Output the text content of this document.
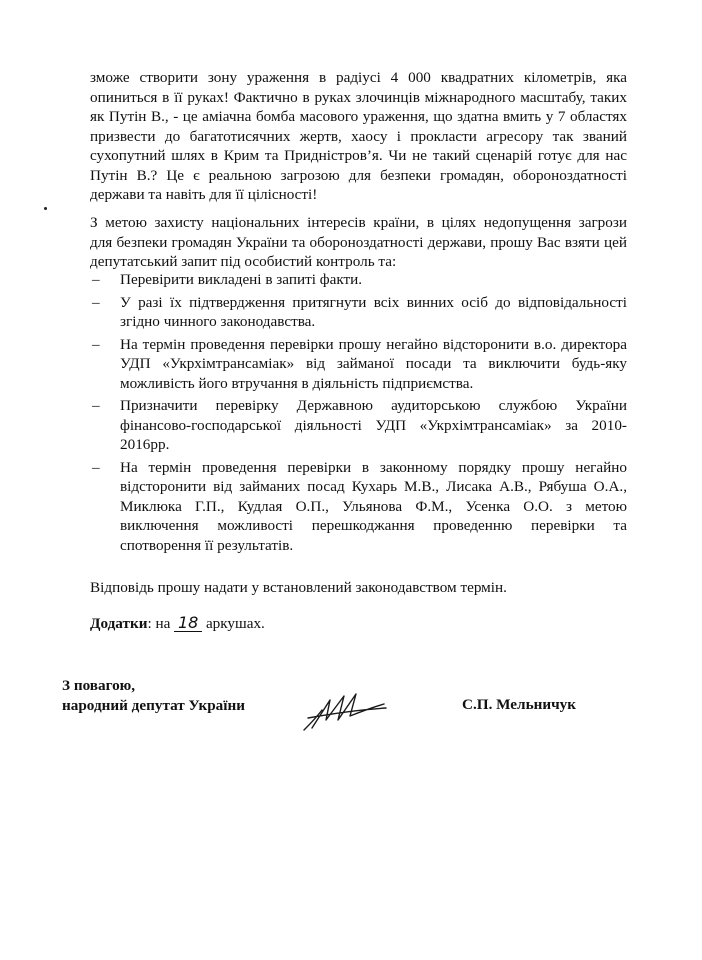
зможе створити зону ураження в радіусі 4 000 квадратних кілометрів, яка
опиниться в її руках! Фактично в руках злочинців міжнародного масштабу, таких
як Путін В., - це аміачна бомба масового ураження, що здатна вмить у 7 областях
призвести до багатотисячних жертв, хаосу і прокласти агресору так званий
сухопутний шлях в Крим та Придністров’я. Чи не такий сценарій готує для нас
Путін В.? Це є реальною загрозою для безпеки громадян, обороноздатності
держави та навіть для її цілісності!
З метою захисту національних інтересів країни, в цілях недопущення загрози
для безпеки громадян України та обороноздатності держави, прошу Вас взяти цей
депутатський запит під особистий контроль та:
– Перевірити викладені в запиті факти.
– У разі їх підтвердження притягнути всіх винних осіб до відповідальності
згідно чинного законодавства.
– На термін проведення перевірки прошу негайно відсторонити в.о. директора
УДП «Укрхімтрансаміак» від займаної посади та виключити будь-яку
можливість його втручання в діяльність підприємства.
– Призначити перевірку Державною аудиторською службою України
фінансово-господарської діяльності УДП «Укрхімтрансаміак» за 2010-
2016рр.
– На термін проведення перевірки в законному порядку прошу негайно
відсторонити від займаних посад Кухарь М.В., Лисака А.В., Рябуша О.А.,
Миклюка Г.П., Кудлая О.П., Ульянова Ф.М., Усенка О.О. з метою
виключення можливості перешкоджання проведенню перевірки та
спотворення її результатів.

Відповідь прошу надати у встановлений законодавством термін.

Додатки: на 18 аркушах.

З повагою,
народний депутат України	С.П. Мельничук
